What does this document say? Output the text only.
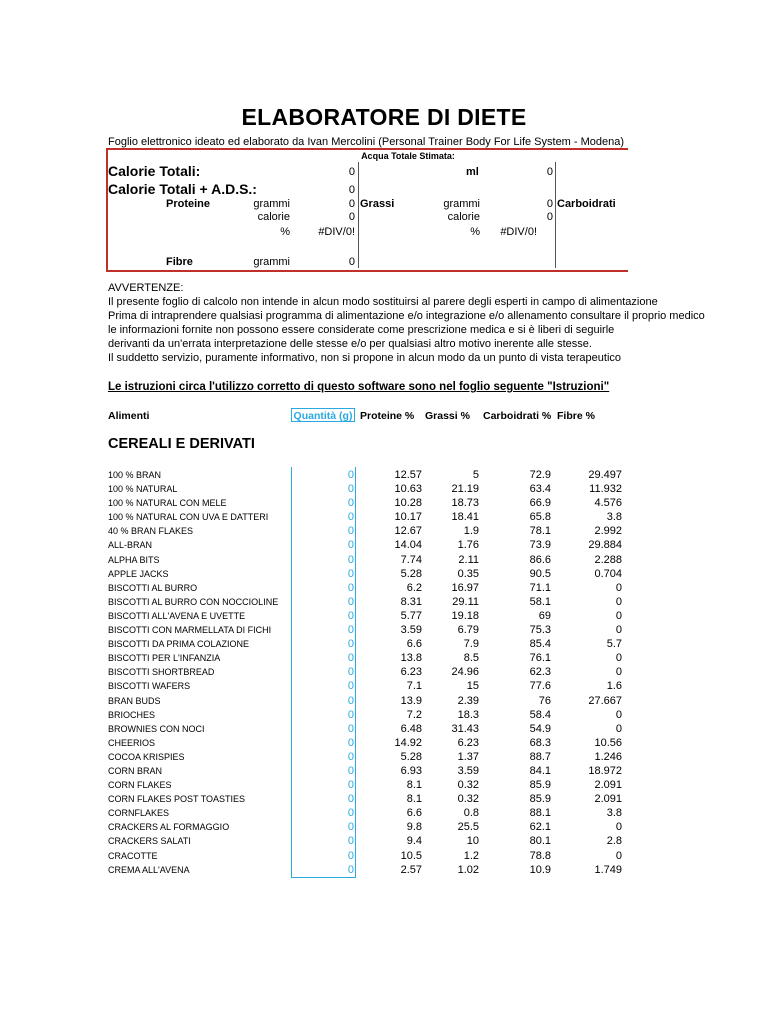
ELABORATORE DI DIETE
Foglio elettronico ideato ed elaborato da Ivan Mercolini (Personal Trainer Body For Life System - Modena)
Acqua Totale Stimata:
ml	0
Calorie Totali:	0
Calorie Totali + A.D.S.:	0
Proteine	grammi	0
calorie	0
%	#DIV/0!
Grassi	grammi	0
calorie	0
%	#DIV/0!
Carboidrati
Fibre	grammi	0
AVVERTENZE:
Il presente foglio di calcolo non intende in alcun modo sostituirsi al parere degli esperti in campo di alimentazione
Prima di intraprendere qualsiasi programma di alimentazione e/o integrazione e/o allenamento consultare il proprio medico
le informazioni fornite non possono essere considerate come prescrizione medica e si è liberi di seguirle
derivanti da un'errata interpretazione delle stesse e/o per qualsiasi altro motivo inerente alle stesse.
Il suddetto servizio, puramente informativo, non si propone in alcun modo da un punto di vista terapeutico
Le istruzioni circa l'utilizzo corretto di questo software sono nel foglio seguente "Istruzioni"
Alimenti	Quantità (g) Proteine % Grassi % Carboidrati % Fibre %
CEREALI E DERIVATI
100 % BRAN	0	12.57	5	72.9	29.497
100 % NATURAL	0	10.63	21.19	63.4	11.932
100 % NATURAL CON MELE	0	10.28	18.73	66.9	4.576
100 % NATURAL CON UVA E DATTERI	0	10.17	18.41	65.8	3.8
40 % BRAN FLAKES	0	12.67	1.9	78.1	2.992
ALL-BRAN	0	14.04	1.76	73.9	29.884
ALPHA BITS	0	7.74	2.11	86.6	2.288
APPLE JACKS	0	5.28	0.35	90.5	0.704
BISCOTTI AL BURRO	0	6.2	16.97	71.1	0
BISCOTTI AL BURRO CON NOCCIOLINE	0	8.31	29.11	58.1	0
BISCOTTI ALL'AVENA E UVETTE	0	5.77	19.18	69	0
BISCOTTI CON MARMELLATA DI FICHI	0	3.59	6.79	75.3	0
BISCOTTI DA PRIMA COLAZIONE	0	6.6	7.9	85.4	5.7
BISCOTTI PER L'INFANZIA	0	13.8	8.5	76.1	0
BISCOTTI SHORTBREAD	0	6.23	24.96	62.3	0
BISCOTTI WAFERS	0	7.1	15	77.6	1.6
BRAN BUDS	0	13.9	2.39	76	27.667
BRIOCHES	0	7.2	18.3	58.4	0
BROWNIES CON NOCI	0	6.48	31.43	54.9	0
CHEERIOS	0	14.92	6.23	68.3	10.56
COCOA KRISPIES	0	5.28	1.37	88.7	1.246
CORN BRAN	0	6.93	3.59	84.1	18.972
CORN FLAKES	0	8.1	0.32	85.9	2.091
CORN FLAKES POST TOASTIES	0	8.1	0.32	85.9	2.091
CORNFLAKES	0	6.6	0.8	88.1	3.8
CRACKERS AL FORMAGGIO	0	9.8	25.5	62.1	0
CRACKERS SALATI	0	9.4	10	80.1	2.8
CRACOTTE	0	10.5	1.2	78.8	0
CREMA ALL'AVENA	0	2.57	1.02	10.9	1.749
